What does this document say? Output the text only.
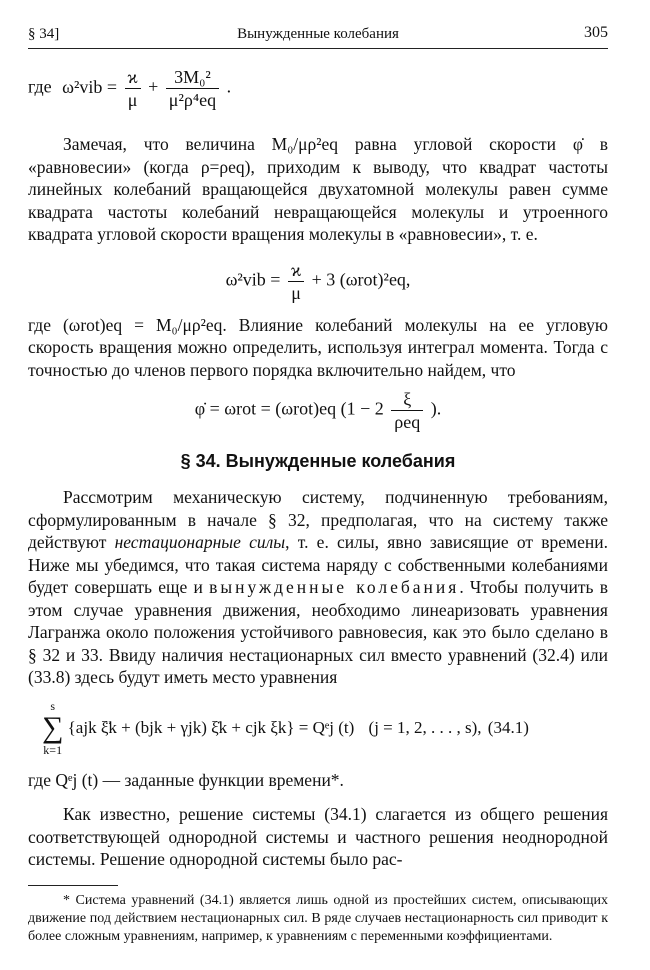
§ 34]	Вынужденные колебания	305
где $\omega^2vib = \frac{ϰ}{\mu} + \frac{\text{3M₀²}}{\text{μ²ρ⁴eq}}$ .

Замечая, что величина M₀/μρ²eq равна угловой скорости φ̇ в «равновесии» (когда ρ=ρeq), приходим к выводу, что квадрат частоты линейных колебаний вращающейся двухатомной молекулы равен сумме квадрата частоты колебаний невращающейся молекулы и утроенного квадрата угловой скорости вращения молекулы в «равновесии», т. е.

$\omega^2vib = \frac{ϰ}{\mu} + 3$ (ωrot)²eq,

где (ωrot)eq = M₀/μρ²eq. Влияние колебаний молекулы на ее угловую скорость вращения можно определить, используя интеграл момента. Тогда с точностью до членов первого порядка включительно найдем, что

φ̇ = ωrot = (ωrot)eq ($1 - 2 \frac{\xi}{\text{ρeq}}$ ).
§ 34. Вынужденные колебания

Рассмотрим механическую систему, подчиненную требованиям, сформулированным в начале § 32, предполагая, что на систему также действуют нестационарные силы, т. е. силы, явно зависящие от времени. Ниже мы убедимся, что такая система наряду с собственными колебаниями будет совершать еще и вынужденные колебания. Чтобы получить в этом случае уравнения движения, необходимо линеаризовать уравнения Лагранжа около положения устойчивого равновесия, как это было сделано в § 32 и 33. Ввиду наличия нестационарных сил вместо уравнений (32.4) или (33.8) здесь будут иметь место уравнения

s
∑
k=1
{ajk ξ̈k + (bjk + γjk) ξ̇k + cjk ξk} = Qᵉj (t) (j = 1, 2, . . . , s), (34.1)

где Qᵉj (t) — заданные функции времени*.

Как известно, решение системы (34.1) слагается из общего решения соответствующей однородной системы и частного решения неоднородной системы. Решение однородной системы было рас-

* Система уравнений (34.1) является лишь одной из простейших систем, описывающих движение под действием нестационарных сил. В ряде случаев нестационарность сил приводит к более сложным уравнениям, например, к уравнениям с переменными коэффициентами.
